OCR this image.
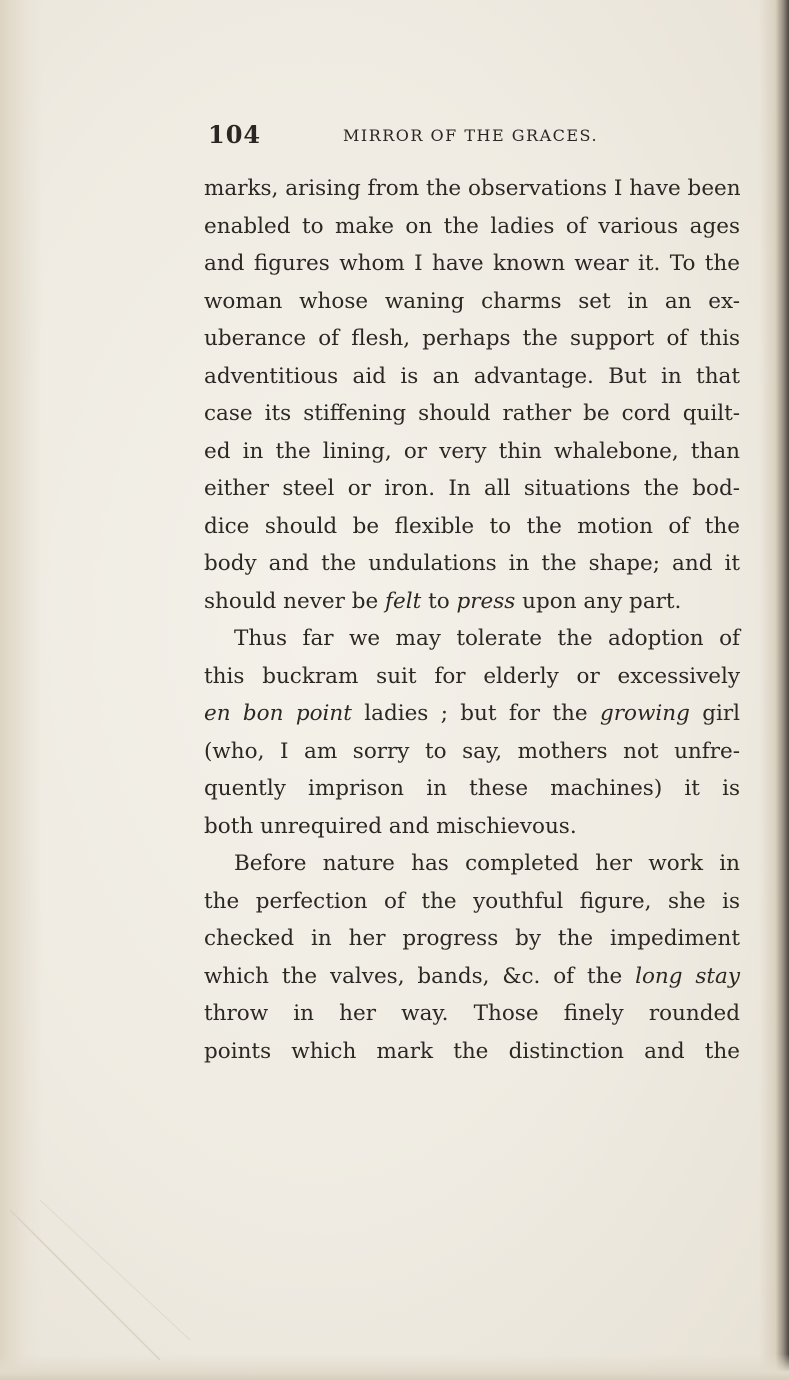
104	MIRROR OF THE GRACES.
marks, arising from the observations I have been
enabled to make on the ladies of various ages
and figures whom I have known wear it. To the
woman whose waning charms set in an ex-
uberance of flesh, perhaps the support of this
adventitious aid is an advantage. But in that
case its stiffening should rather be cord quilt-
ed in the lining, or very thin whalebone, than
either steel or iron. In all situations the bod-
dice should be flexible to the motion of the
body and the undulations in the shape; and it
should never be felt to press upon any part.
Thus far we may tolerate the adoption of
this buckram suit for elderly or excessively
en bon point ladies ; but for the growing girl
(who, I am sorry to say, mothers not unfre-
quently imprison in these machines) it is
both unrequired and mischievous.
Before nature has completed her work in
the perfection of the youthful figure, she is
checked in her progress by the impediment
which the valves, bands, &c. of the long stay
throw in her way. Those finely rounded
points which mark the distinction and the
